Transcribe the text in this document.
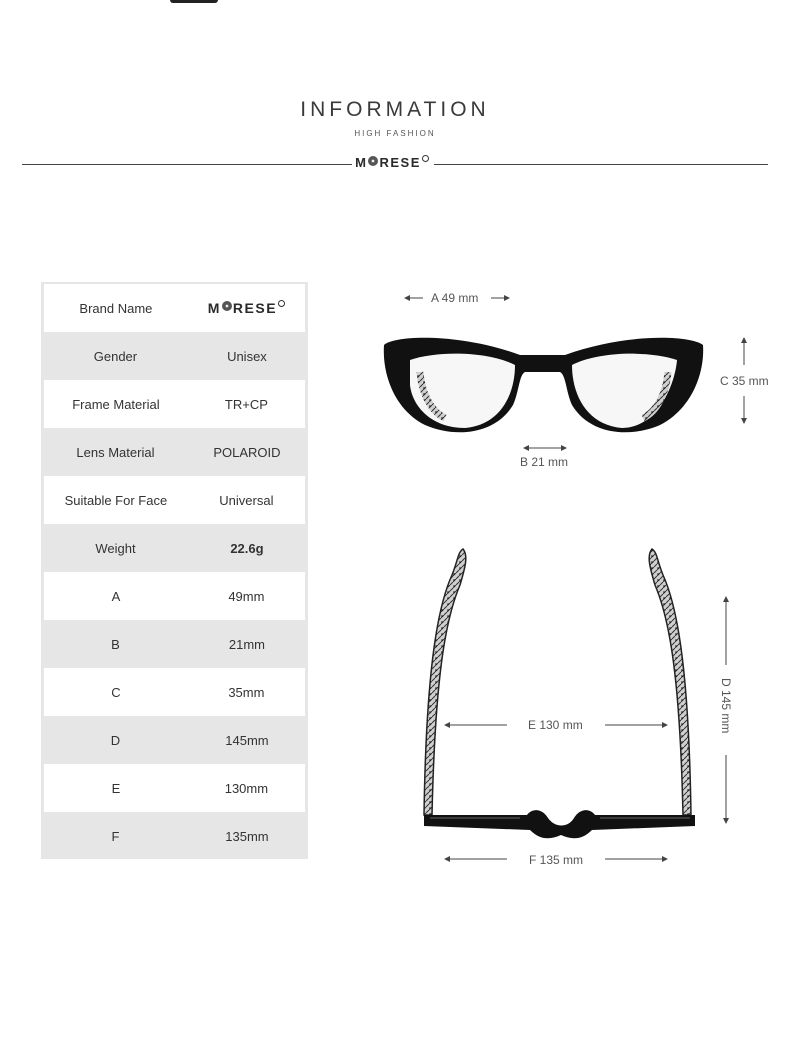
INFORMATION
HIGH FASHION
M RESE
Brand Name	M RESE
Gender	Unisex
Frame Material	TR+CP
Lens Material	POLAROID
Suitable For Face	Universal
Weight	22.6g
A	49mm
B	21mm
C	35mm
D	145mm
E	130mm
F	135mm
A 49 mm
B 21 mm
C 35 mm
D 145 mm
E 130 mm
F 135 mm
